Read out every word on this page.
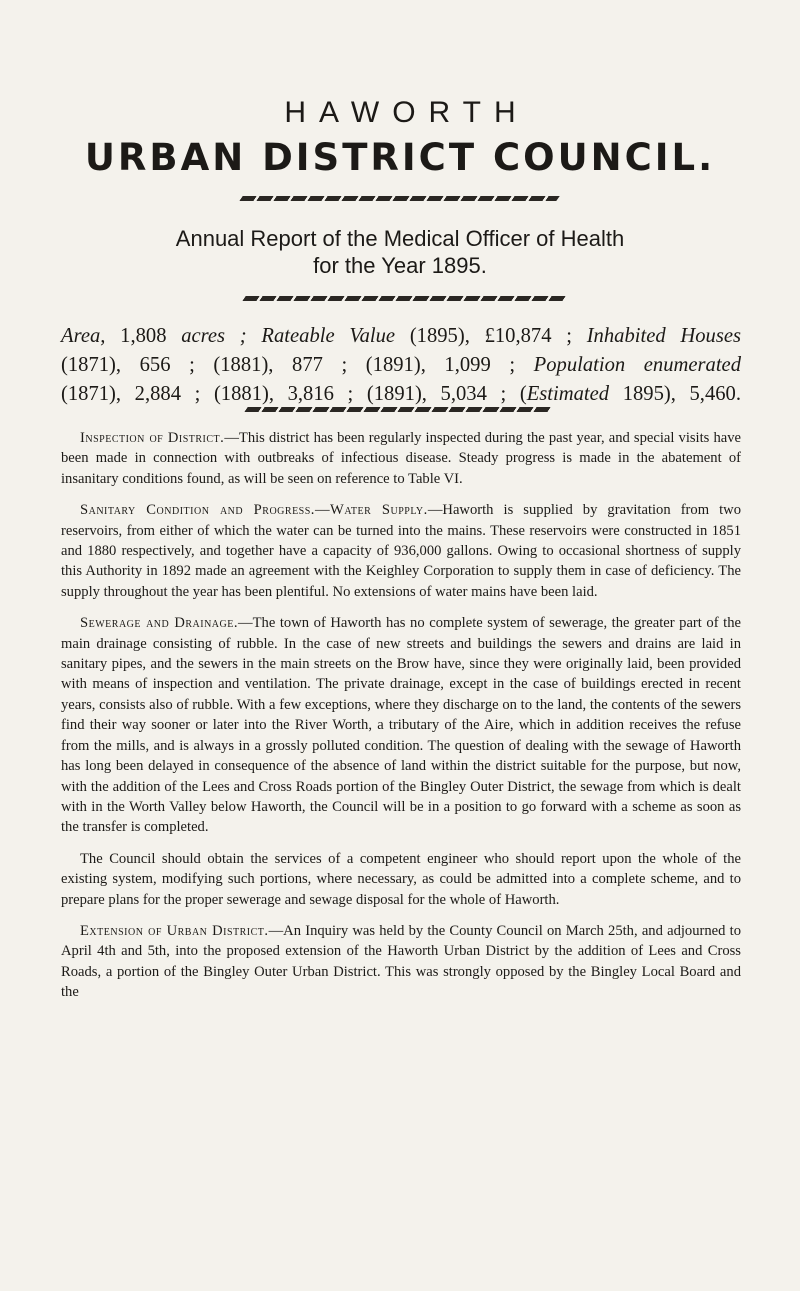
HAWORTH
URBAN DISTRICT COUNCIL.
Annual Report of the Medical Officer of Health
for the Year 1895.
Area, 1,808 acres ; Rateable Value (1895), £10,874 ; Inhabited Houses
(1871), 656 ; (1881), 877 ; (1891), 1,099 ; Population enumerated
(1871), 2,884 ; (1881), 3,816 ; (1891), 5,034 ; (Estimated 1895), 5,460.

Inspection of District.—This district has been regularly inspected during the past year, and special visits have been made in connection with outbreaks of infectious disease. Steady progress is made in the abatement of insanitary conditions found, as will be seen on reference to Table VI.

Sanitary Condition and Progress.—Water Supply.—Haworth is supplied by gravitation from two reservoirs, from either of which the water can be turned into the mains. These reservoirs were constructed in 1851 and 1880 respectively, and together have a capacity of 936,000 gallons. Owing to occasional shortness of supply this Authority in 1892 made an agreement with the Keighley Corporation to supply them in case of deficiency. The supply throughout the year has been plentiful. No extensions of water mains have been laid.

Sewerage and Drainage.—The town of Haworth has no complete system of sewerage, the greater part of the main drainage consisting of rubble. In the case of new streets and buildings the sewers and drains are laid in sanitary pipes, and the sewers in the main streets on the Brow have, since they were originally laid, been provided with means of inspection and ventilation. The private drainage, except in the case of buildings erected in recent years, consists also of rubble. With a few exceptions, where they discharge on to the land, the contents of the sewers find their way sooner or later into the River Worth, a tributary of the Aire, which in addition receives the refuse from the mills, and is always in a grossly polluted condition. The question of dealing with the sewage of Haworth has long been delayed in consequence of the absence of land within the district suitable for the purpose, but now, with the addition of the Lees and Cross Roads portion of the Bingley Outer District, the sewage from which is dealt with in the Worth Valley below Haworth, the Council will be in a position to go forward with a scheme as soon as the transfer is completed.

The Council should obtain the services of a competent engineer who should report upon the whole of the existing system, modifying such portions, where necessary, as could be admitted into a complete scheme, and to prepare plans for the proper sewerage and sewage disposal for the whole of Haworth.

Extension of Urban District.—An Inquiry was held by the County Council on March 25th, and adjourned to April 4th and 5th, into the proposed extension of the Haworth Urban District by the addition of Lees and Cross Roads, a portion of the Bingley Outer Urban District. This was strongly opposed by the Bingley Local Board and the
